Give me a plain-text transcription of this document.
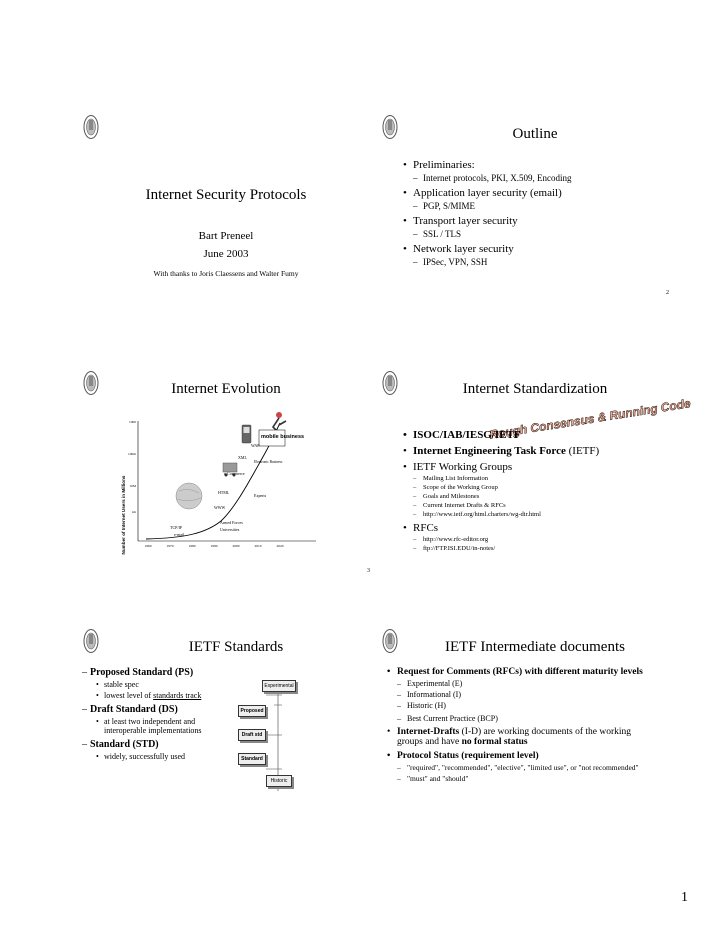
Internet Security Protocols
Bart Preneel
June 2003
With thanks to Joris Claessens and Walter Fumy
Outline
• Preliminaries:
– Internet protocols, PKI, X.509, Encoding
• Application layer security (email)
– PGP, S/MIME
• Transport layer security
– SSL / TLS
• Network layer security
– IPSec, VPN, SSH
2
Internet Evolution
Number of Internet Users in Millions
1000
100m
10M
1m
1960	1970	1980	1990	2000	2010	2020
e-mail
TCP/IP
Armed Forces
Universities
WWW
HTML
Experts
e-Commerce
Electronic Business
XML
WAP
mobile business
3
Internet Standardization
Rough Consensus & Running Code
• ISOC/IAB/IESG/IETF
• Internet Engineering Task Force (IETF)
• IETF Working Groups
– Mailing List Information
– Scope of the Working Group
– Goals and Milestones
– Current Internet Drafts & RFCs
– http://www.ietf.org/html.charters/wg-dir.html
• RFCs
– http://www.rfc-editor.org
– ftp://FTP.ISI.EDU/in-notes/
IETF Standards
– Proposed Standard (PS)
• stable spec
• lowest level of standards track
– Draft Standard (DS)
• at least two independent and interoperable implementations
– Standard (STD)
• widely, successfully used
Experimental
Proposed
Draft std
Standard
Historic
IETF Intermediate documents
• Request for Comments (RFCs) with different maturity levels
– Experimental (E)
– Informational (I)
– Historic (H)
– Best Current Practice (BCP)
• Internet-Drafts (I-D) are working documents of the working groups and have no formal status
• Protocol Status (requirement level)
– "required", "recommended", "elective", "limited use", or "not recommended"
– "must" and "should"
1
